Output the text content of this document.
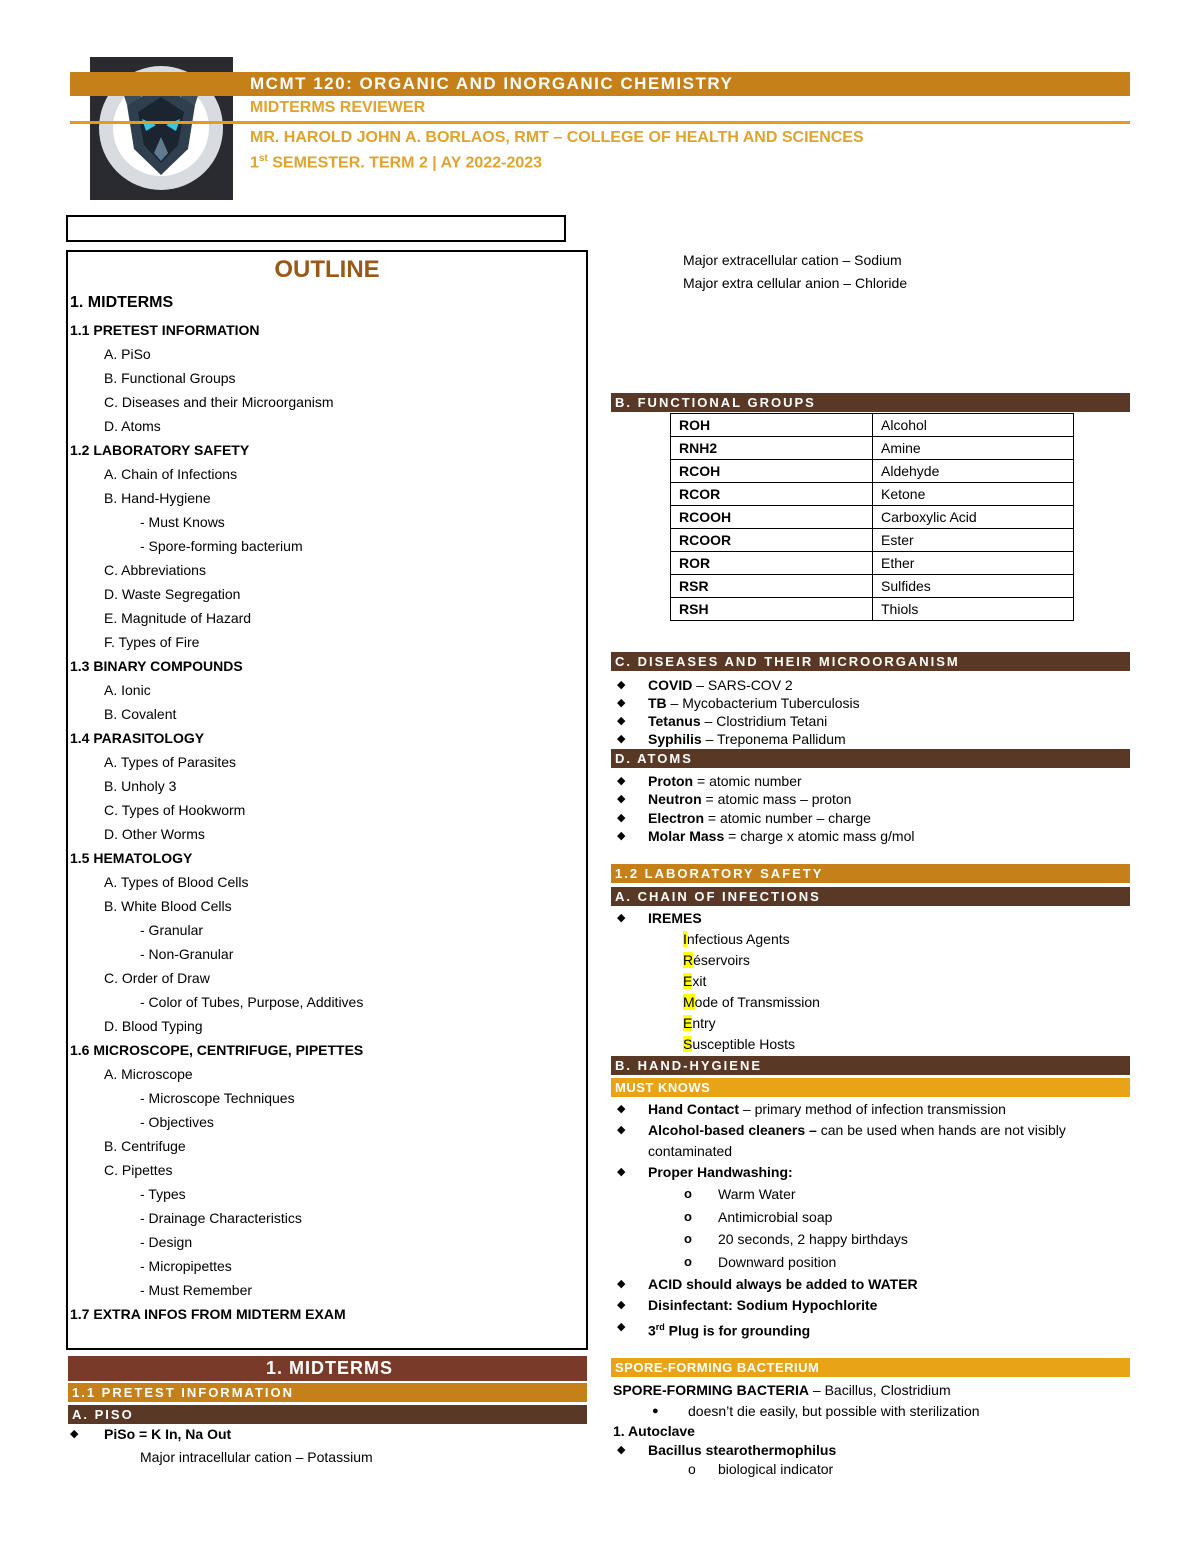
MCMT 120: ORGANIC AND INORGANIC CHEMISTRY
MIDTERMS REVIEWER
MR. HAROLD JOHN A. BORLAOS, RMT – COLLEGE OF HEALTH AND SCIENCES
1st SEMESTER. TERM 2 | AY 2022-2023
OUTLINE
1. MIDTERMS
1.1 PRETEST INFORMATION
A. PiSo
B. Functional Groups
C. Diseases and their Microorganism
D. Atoms
1.2 LABORATORY SAFETY
A. Chain of Infections
B. Hand-Hygiene
- Must Knows
- Spore-forming bacterium
C. Abbreviations
D. Waste Segregation
E. Magnitude of Hazard
F. Types of Fire
1.3 BINARY COMPOUNDS
A. Ionic
B. Covalent
1.4 PARASITOLOGY
A. Types of Parasites
B. Unholy 3
C. Types of Hookworm
D. Other Worms
1.5 HEMATOLOGY
A. Types of Blood Cells
B. White Blood Cells
- Granular
- Non-Granular
C. Order of Draw
- Color of Tubes, Purpose, Additives
D. Blood Typing
1.6 MICROSCOPE, CENTRIFUGE, PIPETTES
A. Microscope
- Microscope Techniques
- Objectives
B. Centrifuge
C. Pipettes
- Types
- Drainage Characteristics
- Design
- Micropipettes
- Must Remember
1.7 EXTRA INFOS FROM MIDTERM EXAM
1. MIDTERMS
1.1 PRETEST INFORMATION
A. PISO
◆ PiSo = K In, Na Out
Major intracellular cation – Potassium
Major extracellular cation – Sodium
Major extra cellular anion – Chloride
B. FUNCTIONAL GROUPS
ROH	Alcohol
RNH2	Amine
RCOH	Aldehyde
RCOR	Ketone
RCOOH	Carboxylic Acid
RCOOR	Ester
ROR	Ether
RSR	Sulfides
RSH	Thiols
C. DISEASES AND THEIR MICROORGANISM
◆ COVID – SARS-COV 2
◆ TB – Mycobacterium Tuberculosis
◆ Tetanus – Clostridium Tetani
◆ Syphilis – Treponema Pallidum
D. ATOMS
◆ Proton = atomic number
◆ Neutron = atomic mass – proton
◆ Electron = atomic number – charge
◆ Molar Mass = charge x atomic mass g/mol
1.2 LABORATORY SAFETY
A. CHAIN OF INFECTIONS
◆ IREMES
Infectious Agents
Réservoirs
Exit
Mode of Transmission
Entry
Susceptible Hosts
B. HAND-HYGIENE
MUST KNOWS
◆ Hand Contact – primary method of infection transmission
◆ Alcohol-based cleaners – can be used when hands are not visibly
contaminated
◆ Proper Handwashing:
o Warm Water
o Antimicrobial soap
o 20 seconds, 2 happy birthdays
o Downward position
◆ ACID should always be added to WATER
◆ Disinfectant: Sodium Hypochlorite
◆ 3rd Plug is for grounding
SPORE-FORMING BACTERIUM
SPORE-FORMING BACTERIA – Bacillus, Clostridium
● doesn’t die easily, but possible with sterilization
1. Autoclave
◆ Bacillus stearothermophilus
o biological indicator
